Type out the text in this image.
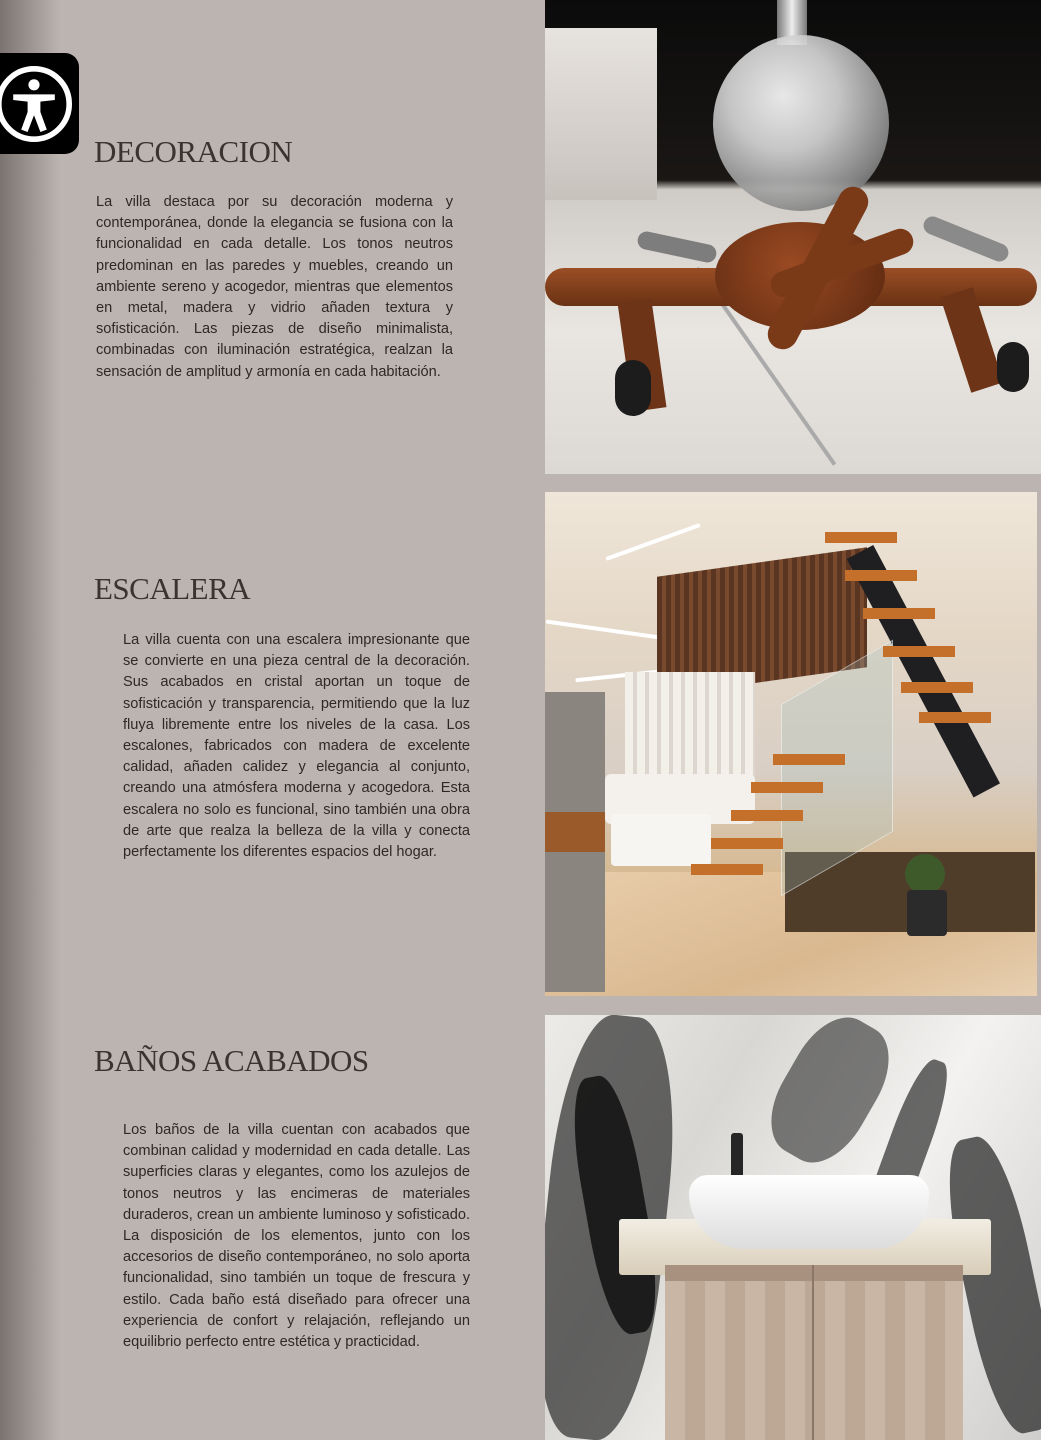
DECORACION

La villa destaca por su decoración moderna y contemporánea, donde la elegancia se fusiona con la funcionalidad en cada detalle. Los tonos neutros predominan en las paredes y muebles, creando un ambiente sereno y acogedor, mientras que elementos en metal, madera y vidrio añaden textura y sofisticación. Las piezas de diseño minimalista, combinadas con iluminación estratégica, realzan la sensación de amplitud y armonía en cada habitación.

ESCALERA

La villa cuenta con una escalera impresionante que se convierte en una pieza central de la decoración. Sus acabados en cristal aportan un toque de sofisticación y transparencia, permitiendo que la luz fluya libremente entre los niveles de la casa. Los escalones, fabricados con madera de excelente calidad, añaden calidez y elegancia al conjunto, creando una atmósfera moderna y acogedora. Esta escalera no solo es funcional, sino también una obra de arte que realza la belleza de la villa y conecta perfectamente los diferentes espacios del hogar.

BAÑOS ACABADOS

Los baños de la villa cuentan con acabados que combinan calidad y modernidad en cada detalle. Las superficies claras y elegantes, como los azulejos de tonos neutros y las encimeras de materiales duraderos, crean un ambiente luminoso y sofisticado. La disposición de los elementos, junto con los accesorios de diseño contemporáneo, no solo aporta funcionalidad, sino también un toque de frescura y estilo. Cada baño está diseñado para ofrecer una experiencia de confort y relajación, reflejando un equilibrio perfecto entre estética y practicidad.
